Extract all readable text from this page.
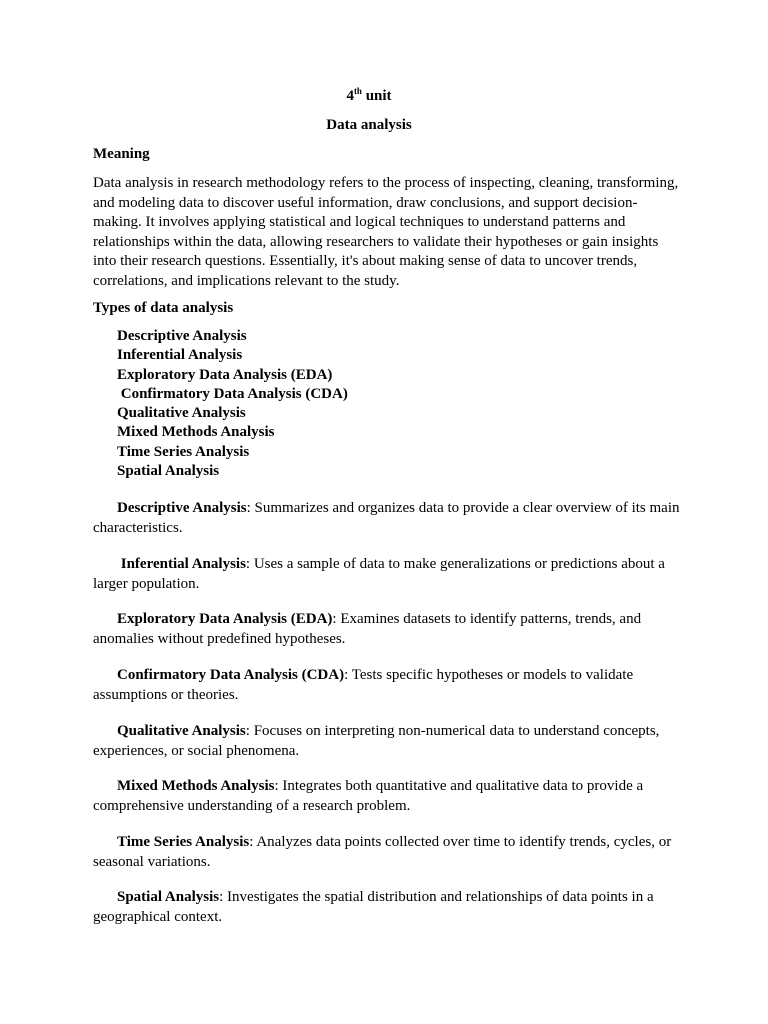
4th unit
Data analysis
Meaning
Data analysis in research methodology refers to the process of inspecting, cleaning, transforming, and modeling data to discover useful information, draw conclusions, and support decision-making. It involves applying statistical and logical techniques to understand patterns and relationships within the data, allowing researchers to validate their hypotheses or gain insights into their research questions. Essentially, it's about making sense of data to uncover trends, correlations, and implications relevant to the study.
Types of data analysis
Descriptive Analysis
Inferential Analysis
Exploratory Data Analysis (EDA)
Confirmatory Data Analysis (CDA)
Qualitative Analysis
Mixed Methods Analysis
Time Series Analysis
Spatial Analysis
Descriptive Analysis: Summarizes and organizes data to provide a clear overview of its main characteristics.
Inferential Analysis: Uses a sample of data to make generalizations or predictions about a larger population.
Exploratory Data Analysis (EDA): Examines datasets to identify patterns, trends, and anomalies without predefined hypotheses.
Confirmatory Data Analysis (CDA): Tests specific hypotheses or models to validate assumptions or theories.
Qualitative Analysis: Focuses on interpreting non-numerical data to understand concepts, experiences, or social phenomena.
Mixed Methods Analysis: Integrates both quantitative and qualitative data to provide a comprehensive understanding of a research problem.
Time Series Analysis: Analyzes data points collected over time to identify trends, cycles, or seasonal variations.
Spatial Analysis: Investigates the spatial distribution and relationships of data points in a geographical context.
